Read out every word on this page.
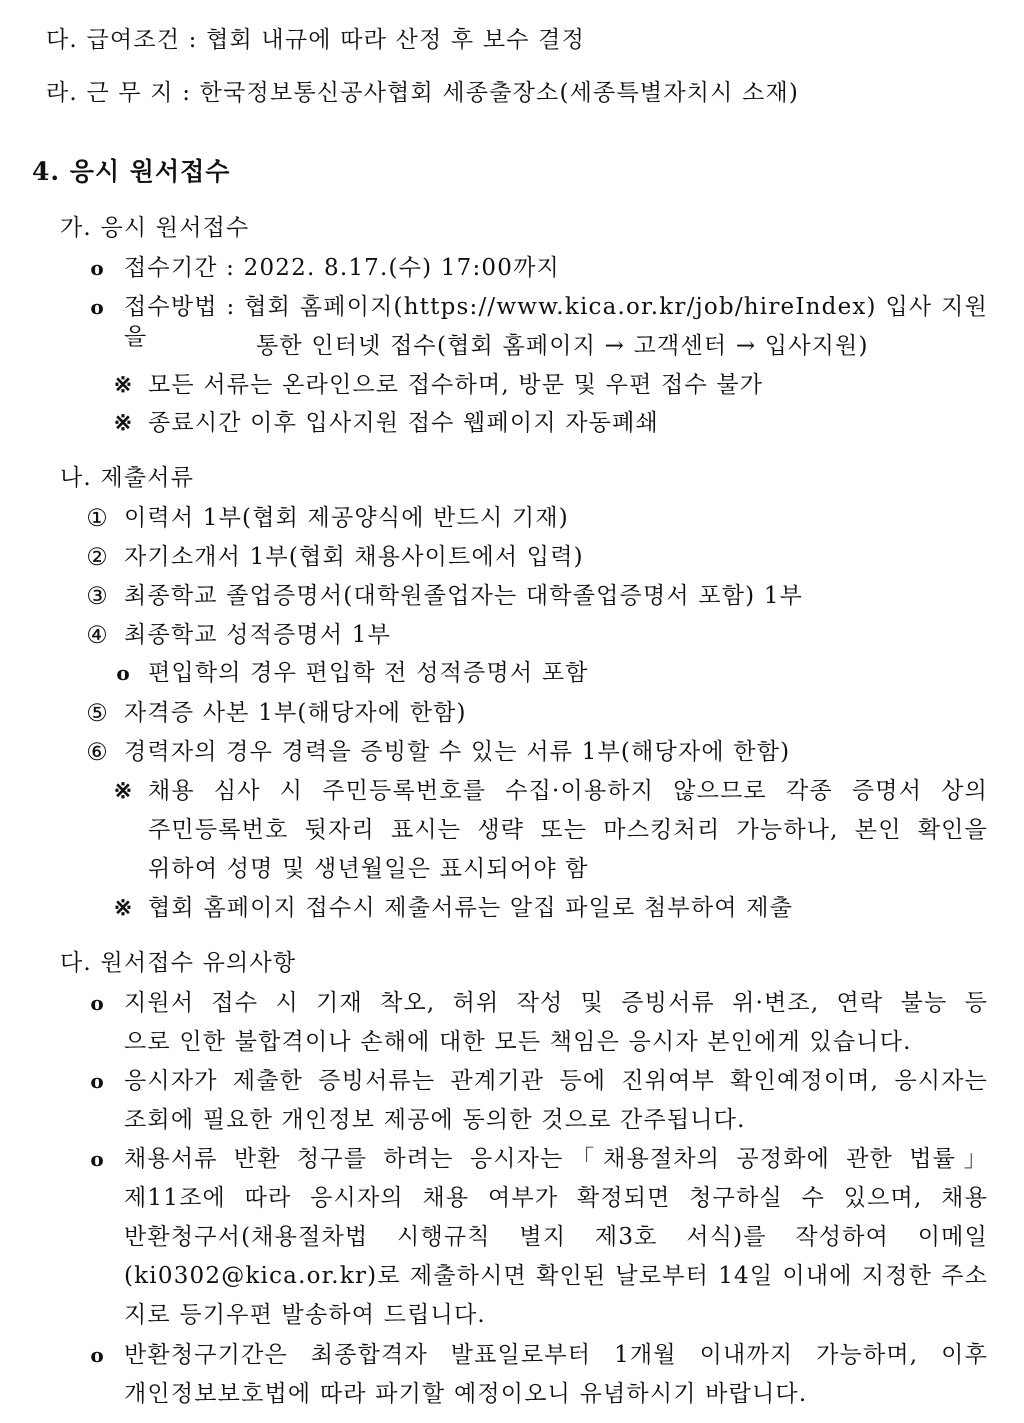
다. 급여조건 : 협회 내규에 따라 산정 후 보수 결정
라. 근 무 지 : 한국정보통신공사협회 세종출장소(세종특별자치시 소재)
4. 응시 원서접수
가. 응시 원서접수
o 접수기간 : 2022. 8.17.(수) 17:00까지
o 접수방법 : 협회 홈페이지(https://www.kica.or.kr/job/hireIndex) 입사 지원을	통한 인터넷 접수(협회 홈페이지 → 고객센터 → 입사지원)
※ 모든 서류는 온라인으로 접수하며, 방문 및 우편 접수 불가
※ 종료시간 이후 입사지원 접수 웹페이지 자동폐쇄
나. 제출서류
① 이력서 1부(협회 제공양식에 반드시 기재)
② 자기소개서 1부(협회 채용사이트에서 입력)
③ 최종학교 졸업증명서(대학원졸업자는 대학졸업증명서 포함) 1부
④ 최종학교 성적증명서 1부
o 편입학의 경우 편입학 전 성적증명서 포함
⑤ 자격증 사본 1부(해당자에 한함)
⑥ 경력자의 경우 경력을 증빙할 수 있는 서류 1부(해당자에 한함)
※ 채용 심사 시 주민등록번호를 수집·이용하지 않으므로 각종 증명서 상의
주민등록번호 뒷자리 표시는 생략 또는 마스킹처리 가능하나, 본인 확인을
위하여 성명 및 생년월일은 표시되어야 함
※ 협회 홈페이지 접수시 제출서류는 알집 파일로 첨부하여 제출
다. 원서접수 유의사항
o 지원서 접수 시 기재 착오, 허위 작성 및 증빙서류 위·변조, 연락 불능 등
으로 인한 불합격이나 손해에 대한 모든 책임은 응시자 본인에게 있습니다.
o 응시자가 제출한 증빙서류는 관계기관 등에 진위여부 확인예정이며, 응시자는
조회에 필요한 개인정보 제공에 동의한 것으로 간주됩니다.
o 채용서류 반환 청구를 하려는 응시자는「채용절차의 공정화에 관한 법률」
제11조에 따라 응시자의 채용 여부가 확정되면 청구하실 수 있으며, 채용
반환청구서(채용절차법 시행규칙 별지 제3호 서식)를 작성하여 이메일
(ki0302@kica.or.kr)로 제출하시면 확인된 날로부터 14일 이내에 지정한 주소
지로 등기우편 발송하여 드립니다.
o 반환청구기간은 최종합격자 발표일로부터 1개월 이내까지 가능하며, 이후
개인정보보호법에 따라 파기할 예정이오니 유념하시기 바랍니다.
